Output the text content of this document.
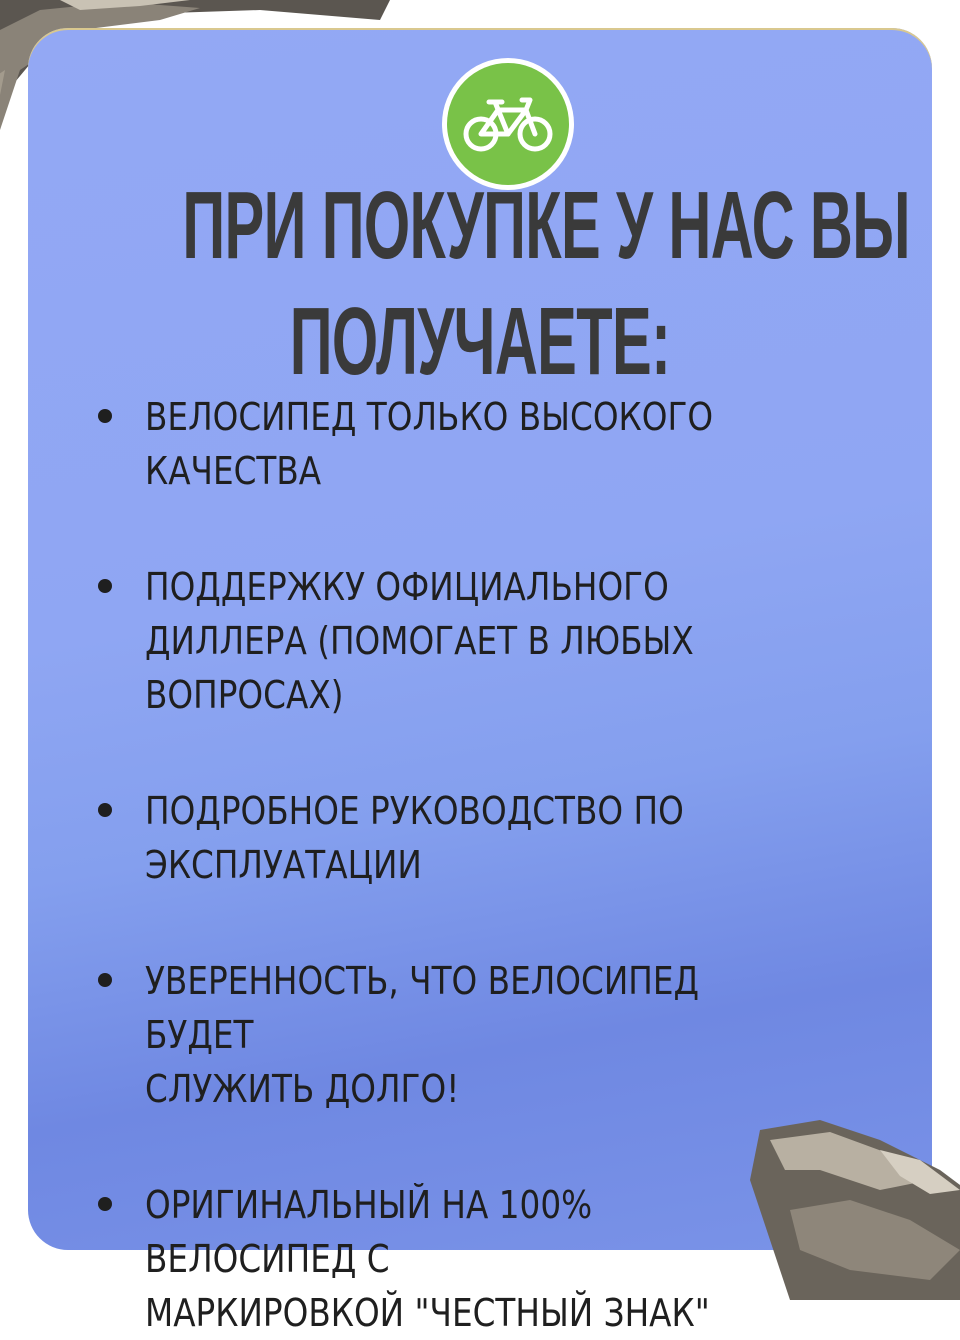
ПРИ ПОКУПКЕ У НАС ВЫ
ПОЛУЧАЕТЕ:
ВЕЛОСИПЕД ТОЛЬКО ВЫСОКОГО
КАЧЕСТВА
ПОДДЕРЖКУ ОФИЦИАЛЬНОГО
ДИЛЛЕРА (ПОМОГАЕТ В ЛЮБЫХ
ВОПРОСАХ)
ПОДРОБНОЕ РУКОВОДСТВО ПО
ЭКСПЛУАТАЦИИ
УВЕРЕННОСТЬ, ЧТО ВЕЛОСИПЕД БУДЕТ
СЛУЖИТЬ ДОЛГО!
ОРИГИНАЛЬНЫЙ НА 100% ВЕЛОСИПЕД С
МАРКИРОВКОЙ "ЧЕСТНЫЙ ЗНАК"
